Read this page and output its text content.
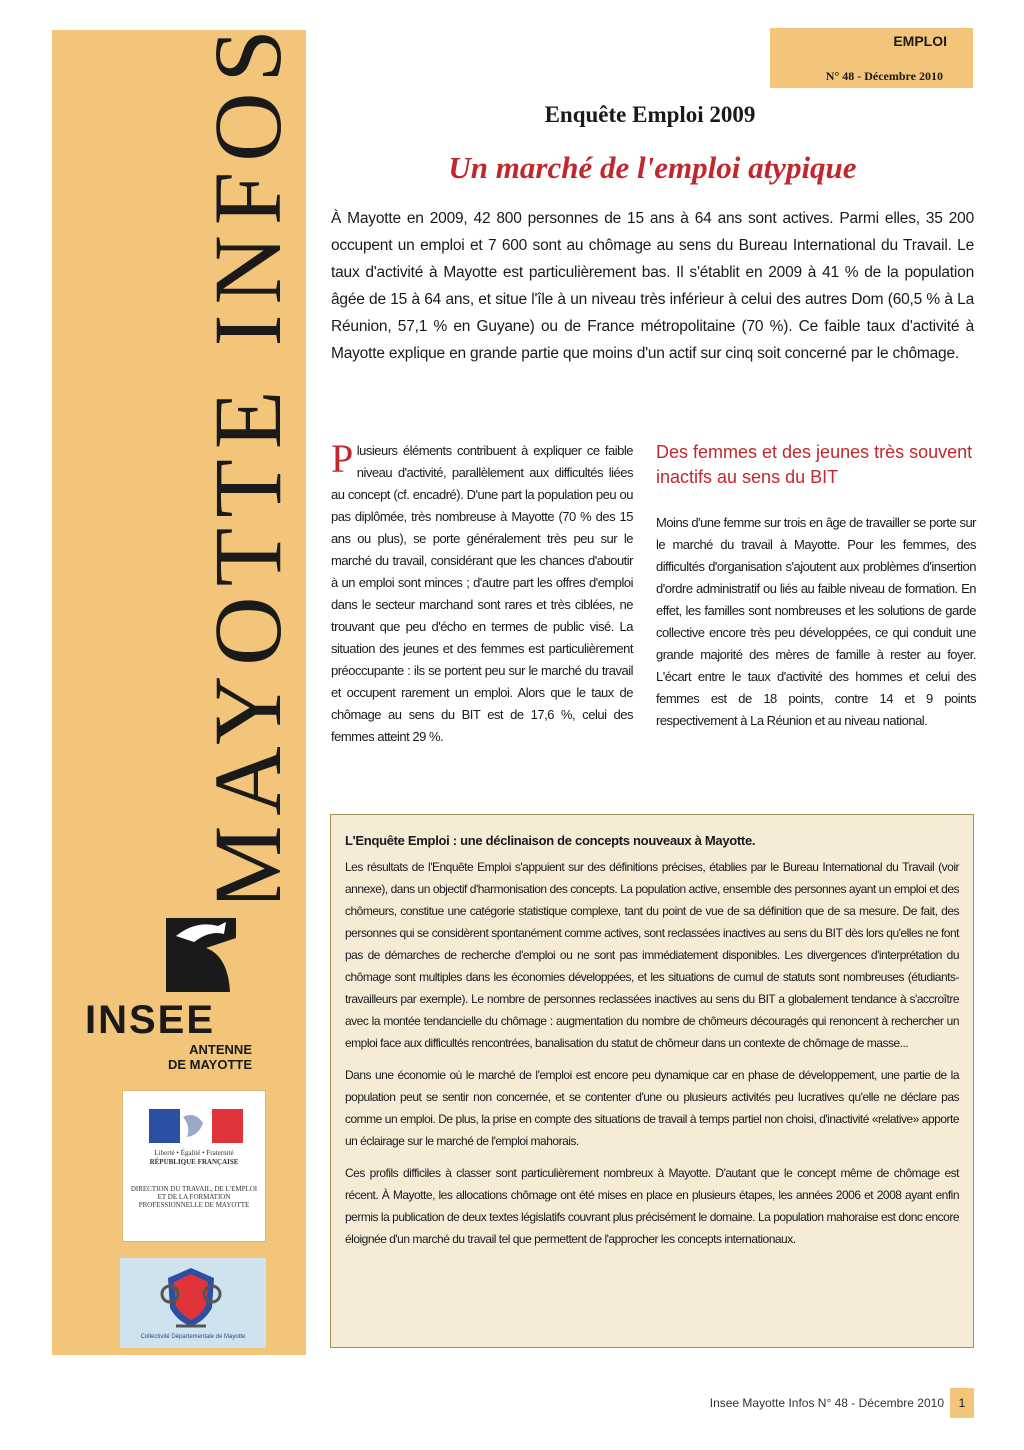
MAYOTTE INFOS
INSEE
ANTENNE
DE MAYOTTE
Liberté • Égalité • Fraternité
RÉPUBLIQUE FRANÇAISE
DIRECTION DU TRAVAIL, DE L'EMPLOI ET DE LA FORMATION PROFESSIONNELLE DE MAYOTTE
Collectivité Départementale de Mayotte
EMPLOI
N° 48 - Décembre 2010
Enquête Emploi 2009
Un marché de l'emploi atypique
À Mayotte en 2009, 42 800 personnes de 15 ans à 64 ans sont actives. Parmi elles, 35 200 occupent un emploi et 7 600 sont au chômage au sens du Bureau International du Travail. Le taux d'activité à Mayotte est particulièrement bas. Il s'établit en 2009 à 41 % de la population âgée de 15 à 64 ans, et situe l'île à un niveau très inférieur à celui des autres Dom (60,5 % à La Réunion, 57,1 % en Guyane) ou de France métropolitaine (70 %). Ce faible taux d'activité à Mayotte explique en grande partie que moins d'un actif sur cinq soit concerné par le chômage.
Plusieurs éléments contribuent à expliquer ce faible niveau d'activité, parallèlement aux difficultés liées au concept (cf. encadré). D'une part la population peu ou pas diplômée, très nombreuse à Mayotte (70 % des 15 ans ou plus), se porte généralement très peu sur le marché du travail, considérant que les chances d'aboutir à un emploi sont minces ; d'autre part les offres d'emploi dans le secteur marchand sont rares et très ciblées, ne trouvant que peu d'écho en termes de public visé. La situation des jeunes et des femmes est particulièrement préoccupante : ils se portent peu sur le marché du travail et occupent rarement un emploi. Alors que le taux de chômage au sens du BIT est de 17,6 %, celui des femmes atteint 29 %.
Des femmes et des jeunes très souvent inactifs au sens du BIT
Moins d'une femme sur trois en âge de travailler se porte sur le marché du travail à Mayotte. Pour les femmes, des difficultés d'organisation s'ajoutent aux problèmes d'insertion d'ordre administratif ou liés au faible niveau de formation. En effet, les familles sont nombreuses et les solutions de garde collective encore très peu développées, ce qui conduit une grande majorité des mères de famille à rester au foyer. L'écart entre le taux d'activité des hommes et celui des femmes est de 18 points, contre 14 et 9 points respectivement à La Réunion et au niveau national.
L'Enquête Emploi : une déclinaison de concepts nouveaux à Mayotte.

Les résultats de l'Enquête Emploi s'appuient sur des définitions précises, établies par le Bureau International du Travail (voir annexe), dans un objectif d'harmonisation des concepts. La population active, ensemble des personnes ayant un emploi et des chômeurs, constitue une catégorie statistique complexe, tant du point de vue de sa définition que de sa mesure. De fait, des personnes qui se considèrent spontanément comme actives, sont reclassées inactives au sens du BIT dès lors qu'elles ne font pas de démarches de recherche d'emploi ou ne sont pas immédiatement disponibles. Les divergences d'interprétation du chômage sont multiples dans les économies développées, et les situations de cumul de statuts sont nombreuses (étudiants-travailleurs par exemple). Le nombre de personnes reclassées inactives au sens du BIT a globalement tendance à s'accroître avec la montée tendancielle du chômage : augmentation du nombre de chômeurs découragés qui renoncent à rechercher un emploi face aux difficultés rencontrées, banalisation du statut de chômeur dans un contexte de chômage de masse...

Dans une économie où le marché de l'emploi est encore peu dynamique car en phase de développement, une partie de la population peut se sentir non concernée, et se contenter d'une ou plusieurs activités peu lucratives qu'elle ne déclare pas comme un emploi. De plus, la prise en compte des situations de travail à temps partiel non choisi, d'inactivité «relative» apporte un éclairage sur le marché de l'emploi mahorais.

Ces profils difficiles à classer sont particulièrement nombreux à Mayotte. D'autant que le concept même de chômage est récent. À Mayotte, les allocations chômage ont été mises en place en plusieurs étapes, les années 2006 et 2008 ayant enfin permis la publication de deux textes législatifs couvrant plus précisément le domaine. La population mahoraise est donc encore éloignée d'un marché du travail tel que permettent de l'approcher les concepts internationaux.

Insee Mayotte Infos N° 48 - Décembre 2010	1
